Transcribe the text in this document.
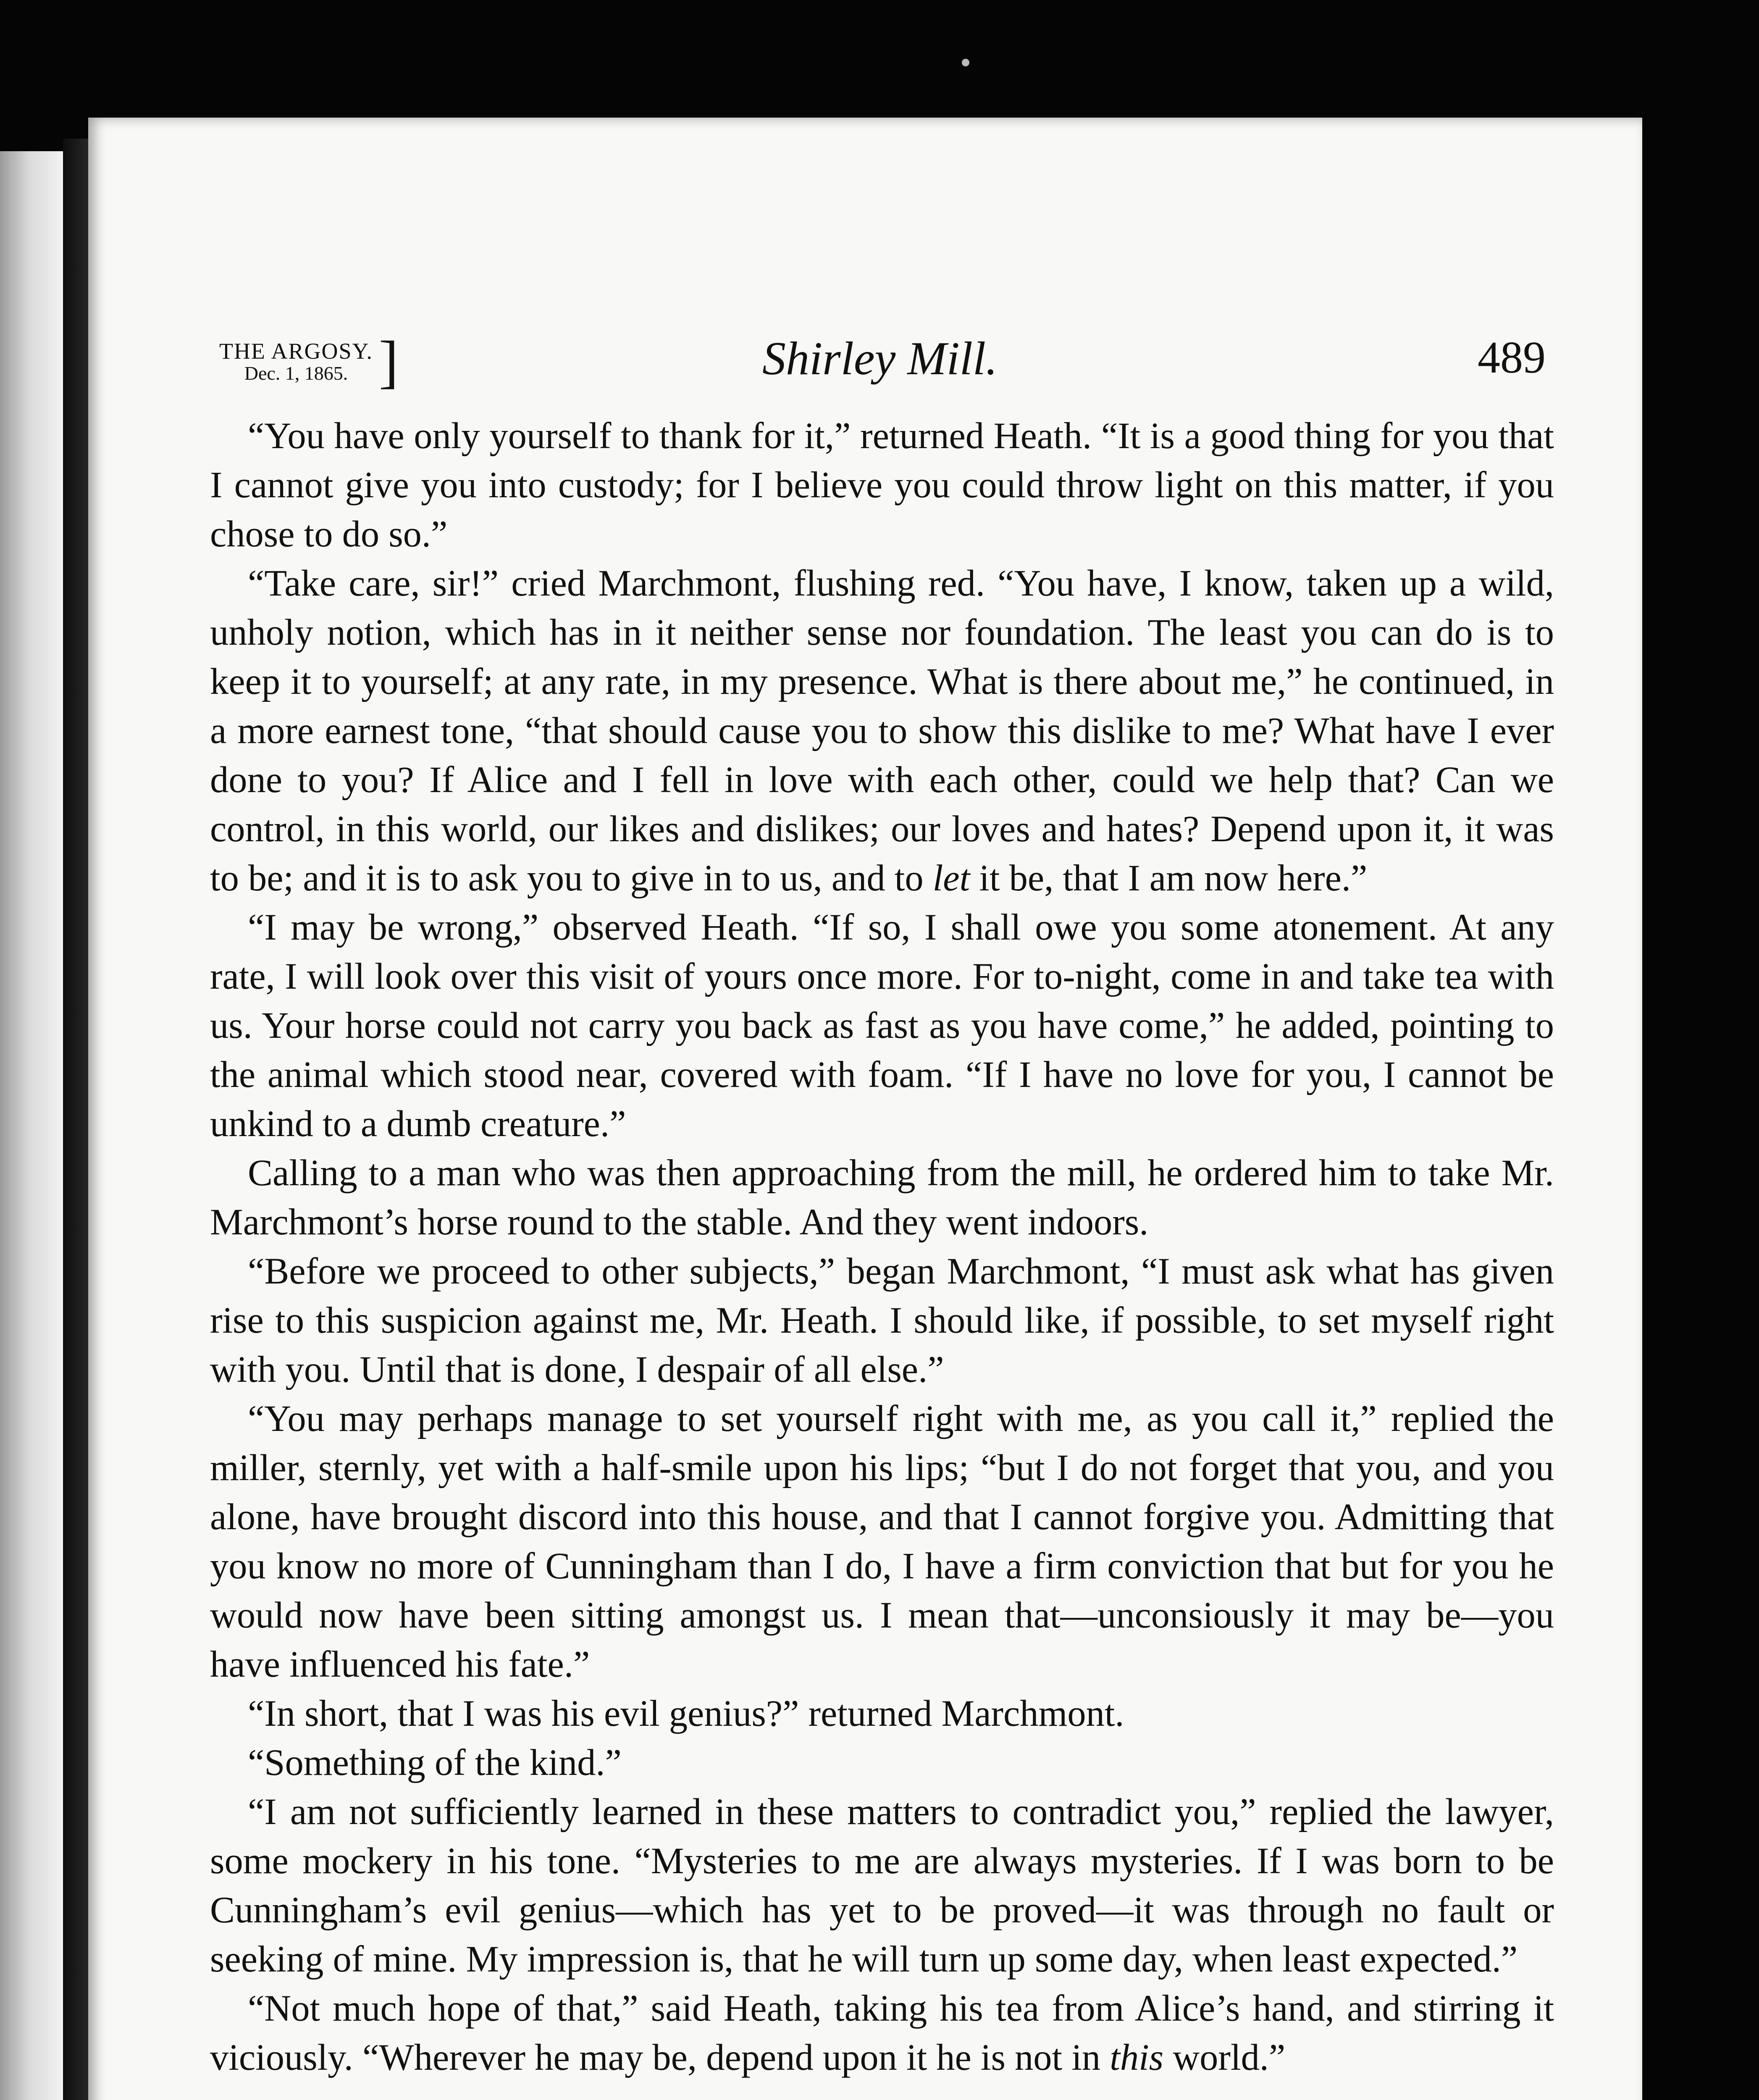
THE ARGOSY.
Dec. 1, 1865. ]	Shirley Mill.	489

“You have only yourself to thank for it,” returned Heath. “It is a good thing for you that I cannot give you into custody; for I believe you could throw light on this matter, if you chose to do so.”

“Take care, sir!” cried Marchmont, flushing red. “You have, I know, taken up a wild, unholy notion, which has in it neither sense nor foundation. The least you can do is to keep it to yourself; at any rate, in my presence. What is there about me,” he continued, in a more earnest tone, “that should cause you to show this dislike to me? What have I ever done to you? If Alice and I fell in love with each other, could we help that? Can we control, in this world, our likes and dislikes; our loves and hates? Depend upon it, it was to be; and it is to ask you to give in to us, and to let it be, that I am now here.”

“I may be wrong,” observed Heath. “If so, I shall owe you some atonement. At any rate, I will look over this visit of yours once more. For to-night, come in and take tea with us. Your horse could not carry you back as fast as you have come,” he added, pointing to the animal which stood near, covered with foam. “If I have no love for you, I cannot be unkind to a dumb creature.”

Calling to a man who was then approaching from the mill, he ordered him to take Mr. Marchmont’s horse round to the stable. And they went indoors.

“Before we proceed to other subjects,” began Marchmont, “I must ask what has given rise to this suspicion against me, Mr. Heath. I should like, if possible, to set myself right with you. Until that is done, I despair of all else.”

“You may perhaps manage to set yourself right with me, as you call it,” replied the miller, sternly, yet with a half-smile upon his lips; “but I do not forget that you, and you alone, have brought discord into this house, and that I cannot forgive you. Admitting that you know no more of Cunningham than I do, I have a firm conviction that but for you he would now have been sitting amongst us. I mean that—unconsiously it may be—you have influenced his fate.”

“In short, that I was his evil genius?” returned Marchmont.

“Something of the kind.”

“I am not sufficiently learned in these matters to contradict you,” replied the lawyer, some mockery in his tone. “Mysteries to me are always mysteries. If I was born to be Cunningham’s evil genius—which has yet to be proved—it was through no fault or seeking of mine. My impression is, that he will turn up some day, when least expected.”

“Not much hope of that,” said Heath, taking his tea from Alice’s hand, and stirring it viciously. “Wherever he may be, depend upon it he is not in this world.”
